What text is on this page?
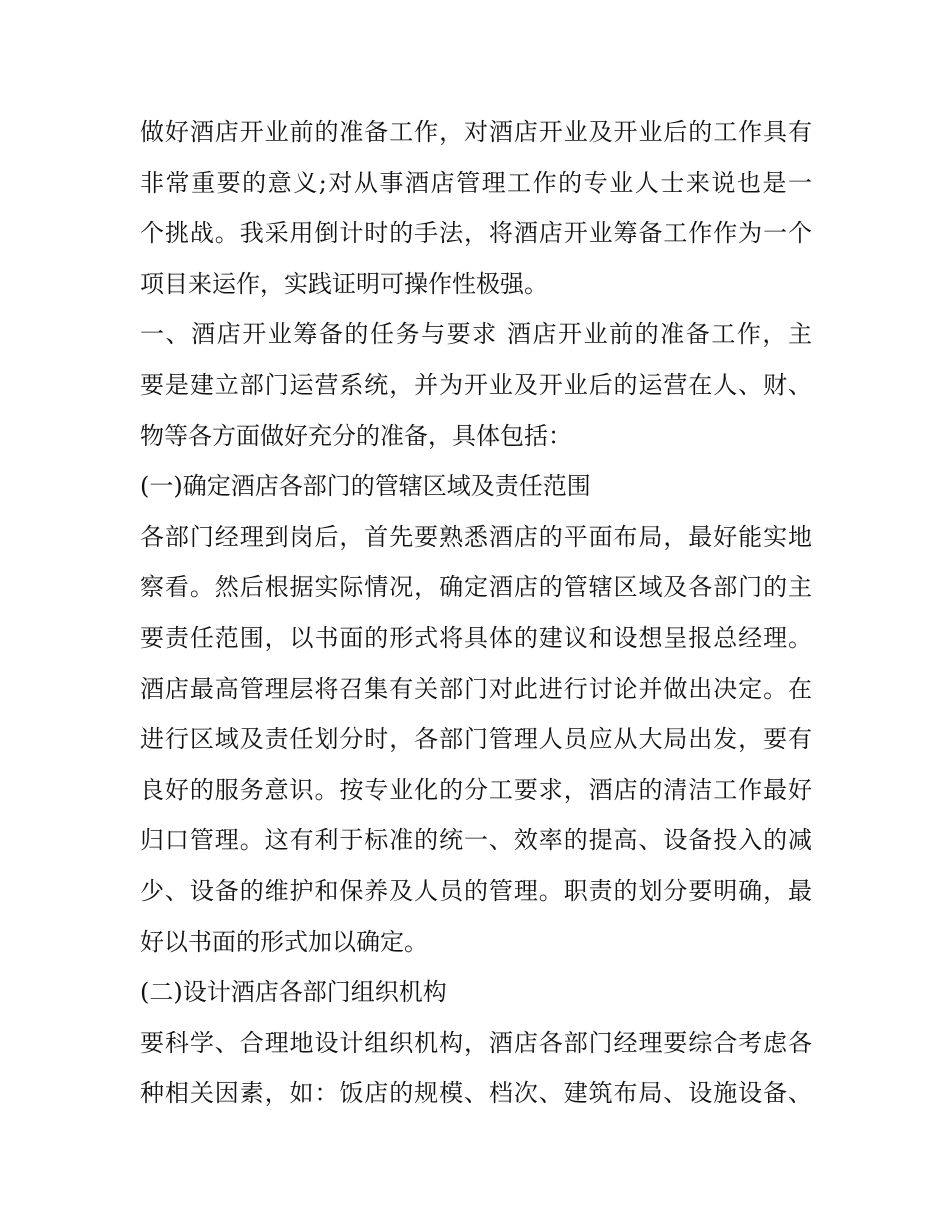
做好酒店开业前的准备工作，对酒店开业及开业后的工作具有
非常重要的意义;对从事酒店管理工作的专业人士来说也是一
个挑战。我采用倒计时的手法，将酒店开业筹备工作作为一个
项目来运作，实践证明可操作性极强。
一、酒店开业筹备的任务与要求 酒店开业前的准备工作，主
要是建立部门运营系统，并为开业及开业后的运营在人、财、
物等各方面做好充分的准备，具体包括：
(一)确定酒店各部门的管辖区域及责任范围
各部门经理到岗后，首先要熟悉酒店的平面布局，最好能实地
察看。然后根据实际情况，确定酒店的管辖区域及各部门的主
要责任范围，以书面的形式将具体的建议和设想呈报总经理。
酒店最高管理层将召集有关部门对此进行讨论并做出决定。在
进行区域及责任划分时，各部门管理人员应从大局出发，要有
良好的服务意识。按专业化的分工要求，酒店的清洁工作最好
归口管理。这有利于标准的统一、效率的提高、设备投入的减
少、设备的维护和保养及人员的管理。职责的划分要明确，最
好以书面的形式加以确定。
(二)设计酒店各部门组织机构
要科学、合理地设计组织机构，酒店各部门经理要综合考虑各
种相关因素，如：饭店的规模、档次、建筑布局、设施设备、
